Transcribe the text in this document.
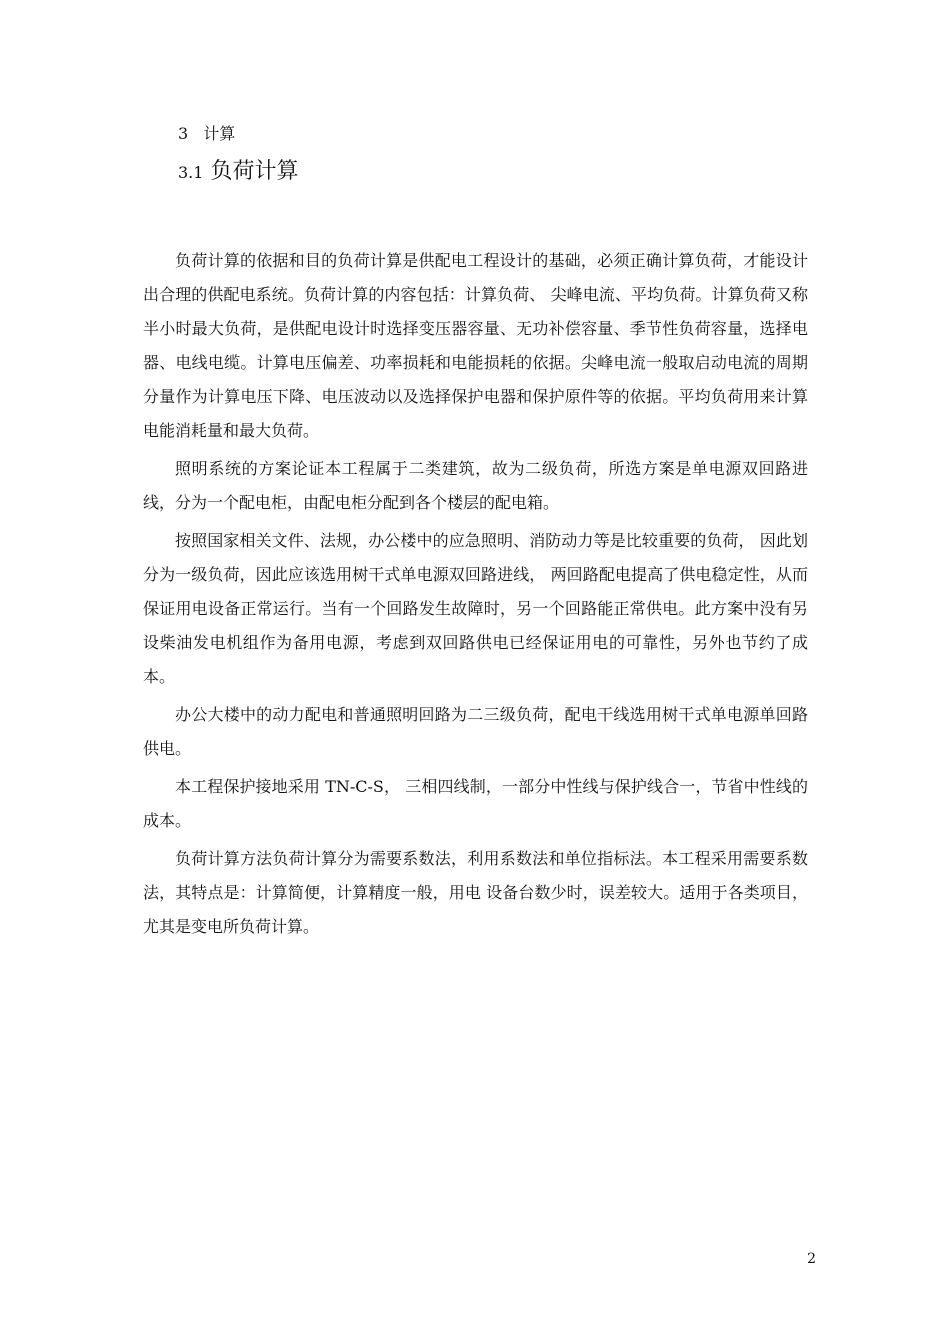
3 计算
3.1 负荷计算

负荷计算的依据和目的负荷计算是供配电工程设计的基础，必须正确计算负荷，才能设计出合理的供配电系统。负荷计算的内容包括：计算负荷、 尖峰电流、平均负荷。计算负荷又称半小时最大负荷，是供配电设计时选择变压器容量、无功补偿容量、季节性负荷容量，选择电器、电线电缆。计算电压偏差、功率损耗和电能损耗的依据。尖峰电流一般取启动电流的周期分量作为计算电压下降、电压波动以及选择保护电器和保护原件等的依据。平均负荷用来计算电能消耗量和最大负荷。

照明系统的方案论证本工程属于二类建筑，故为二级负荷，所选方案是单电源双回路进线，分为一个配电柜，由配电柜分配到各个楼层的配电箱。

按照国家相关文件、法规，办公楼中的应急照明、消防动力等是比较重要的负荷， 因此划分为一级负荷，因此应该选用树干式单电源双回路进线， 两回路配电提高了供电稳定性，从而保证用电设备正常运行。当有一个回路发生故障时，另一个回路能正常供电。此方案中没有另设柴油发电机组作为备用电源，考虑到双回路供电已经保证用电的可靠性，另外也节约了成本。

办公大楼中的动力配电和普通照明回路为二三级负荷，配电干线选用树干式单电源单回路供电。

本工程保护接地采用 TN-C-S， 三相四线制，一部分中性线与保护线合一，节省中性线的成本。

负荷计算方法负荷计算分为需要系数法，利用系数法和单位指标法。本工程采用需要系数法，其特点是：计算简便，计算精度一般，用电 设备台数少时，误差较大。适用于各类项目，尤其是变电所负荷计算。

2
